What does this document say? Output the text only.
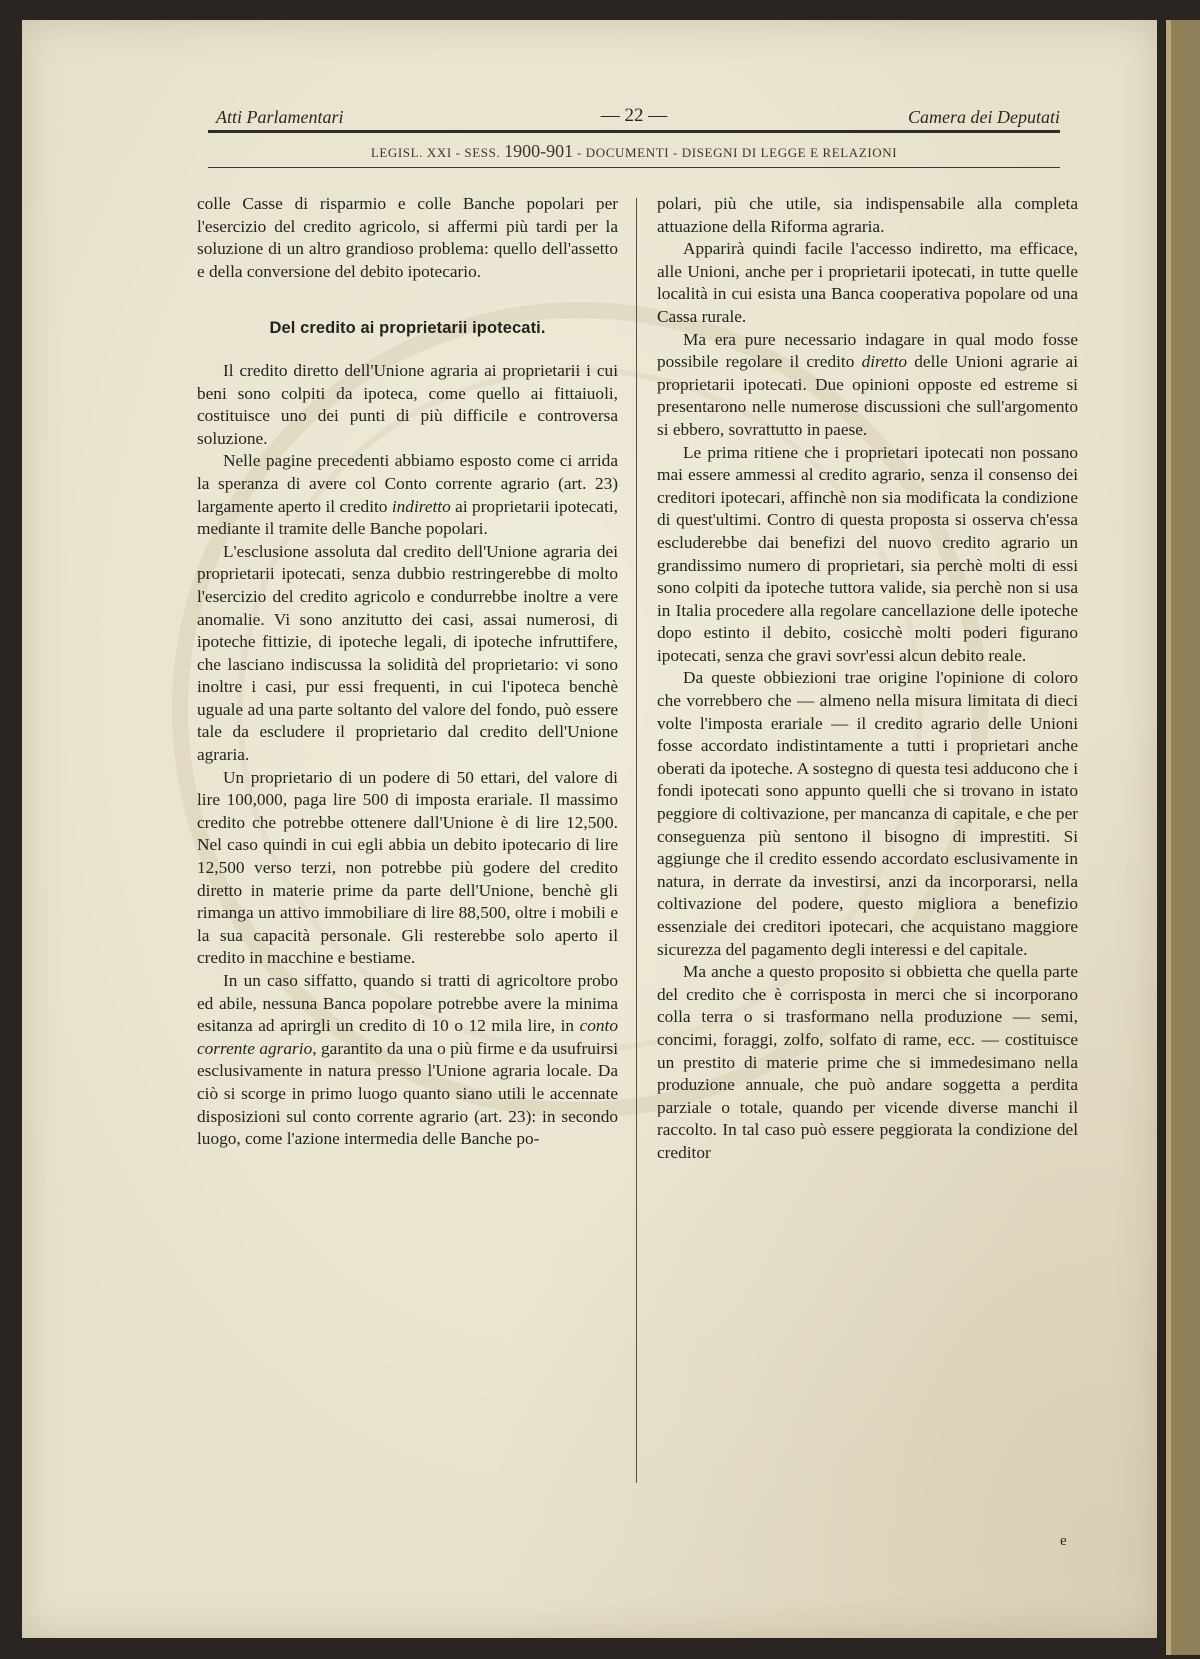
Atti Parlamentari	— 22 —	Camera dei Deputati
LEGISL. XXI - SESS. 1900-901 - DOCUMENTI - DISEGNI DI LEGGE E RELAZIONI

colle Casse di risparmio e colle Banche popolari per l'esercizio del credito agricolo, si affermi più tardi per la soluzione di un altro grandioso problema: quello dell'assetto e della conversione del debito ipotecario.

Del credito ai proprietarii ipotecati.

Il credito diretto dell'Unione agraria ai proprietarii i cui beni sono colpiti da ipoteca, come quello ai fittaiuoli, costituisce uno dei punti di più difficile e controversa soluzione.

Nelle pagine precedenti abbiamo esposto come ci arrida la speranza di avere col Conto corrente agrario (art. 23) largamente aperto il credito indiretto ai proprietarii ipotecati, mediante il tramite delle Banche popolari.

L'esclusione assoluta dal credito dell'Unione agraria dei proprietarii ipotecati, senza dubbio restringerebbe di molto l'esercizio del credito agricolo e condurrebbe inoltre a vere anomalie. Vi sono anzitutto dei casi, assai numerosi, di ipoteche fittizie, di ipoteche legali, di ipoteche infruttifere, che lasciano indiscussa la solidità del proprietario: vi sono inoltre i casi, pur essi frequenti, in cui l'ipoteca benchè uguale ad una parte soltanto del valore del fondo, può essere tale da escludere il proprietario dal credito dell'Unione agraria.

Un proprietario di un podere di 50 ettari, del valore di lire 100,000, paga lire 500 di imposta erariale. Il massimo credito che potrebbe ottenere dall'Unione è di lire 12,500. Nel caso quindi in cui egli abbia un debito ipotecario di lire 12,500 verso terzi, non potrebbe più godere del credito diretto in materie prime da parte dell'Unione, benchè gli rimanga un attivo immobiliare di lire 88,500, oltre i mobili e la sua capacità personale. Gli resterebbe solo aperto il credito in macchine e bestiame.

In un caso siffatto, quando si tratti di agricoltore probo ed abile, nessuna Banca popolare potrebbe avere la minima esitanza ad aprirgli un credito di 10 o 12 mila lire, in conto corrente agrario, garantito da una o più firme e da usufruirsi esclusivamente in natura presso l'Unione agraria locale. Da ciò si scorge in primo luogo quanto siano utili le accennate disposizioni sul conto corrente agrario (art. 23): in secondo luogo, come l'azione intermedia delle Banche po-

polari, più che utile, sia indispensabile alla completa attuazione della Riforma agraria.

Apparirà quindi facile l'accesso indiretto, ma efficace, alle Unioni, anche per i proprietarii ipotecati, in tutte quelle località in cui esista una Banca cooperativa popolare od una Cassa rurale.

Ma era pure necessario indagare in qual modo fosse possibile regolare il credito diretto delle Unioni agrarie ai proprietarii ipotecati. Due opinioni opposte ed estreme si presentarono nelle numerose discussioni che sull'argomento si ebbero, sovrattutto in paese.

Le prima ritiene che i proprietari ipotecati non possano mai essere ammessi al credito agrario, senza il consenso dei creditori ipotecari, affinchè non sia modificata la condizione di quest'ultimi. Contro di questa proposta si osserva ch'essa escluderebbe dai benefizi del nuovo credito agrario un grandissimo numero di proprietari, sia perchè molti di essi sono colpiti da ipoteche tuttora valide, sia perchè non si usa in Italia procedere alla regolare cancellazione delle ipoteche dopo estinto il debito, cosicchè molti poderi figurano ipotecati, senza che gravi sovr'essi alcun debito reale.

Da queste obbiezioni trae origine l'opinione di coloro che vorrebbero che — almeno nella misura limitata di dieci volte l'imposta erariale — il credito agrario delle Unioni fosse accordato indistintamente a tutti i proprietari anche oberati da ipoteche. A sostegno di questa tesi adducono che i fondi ipotecati sono appunto quelli che si trovano in istato peggiore di coltivazione, per mancanza di capitale, e che per conseguenza più sentono il bisogno di imprestiti. Si aggiunge che il credito essendo accordato esclusivamente in natura, in derrate da investirsi, anzi da incorporarsi, nella coltivazione del podere, questo migliora a benefizio essenziale dei creditori ipotecari, che acquistano maggiore sicurezza del pagamento degli interessi e del capitale.

Ma anche a questo proposito si obbietta che quella parte del credito che è corrisposta in merci che si incorporano colla terra o si trasformano nella produzione — semi, concimi, foraggi, zolfo, solfato di rame, ecc. — costituisce un prestito di materie prime che si immedesimano nella produzione annuale, che può andare soggetta a perdita parziale o totale, quando per vicende diverse manchi il raccolto. In tal caso può essere peggiorata la condizione del creditor

e
